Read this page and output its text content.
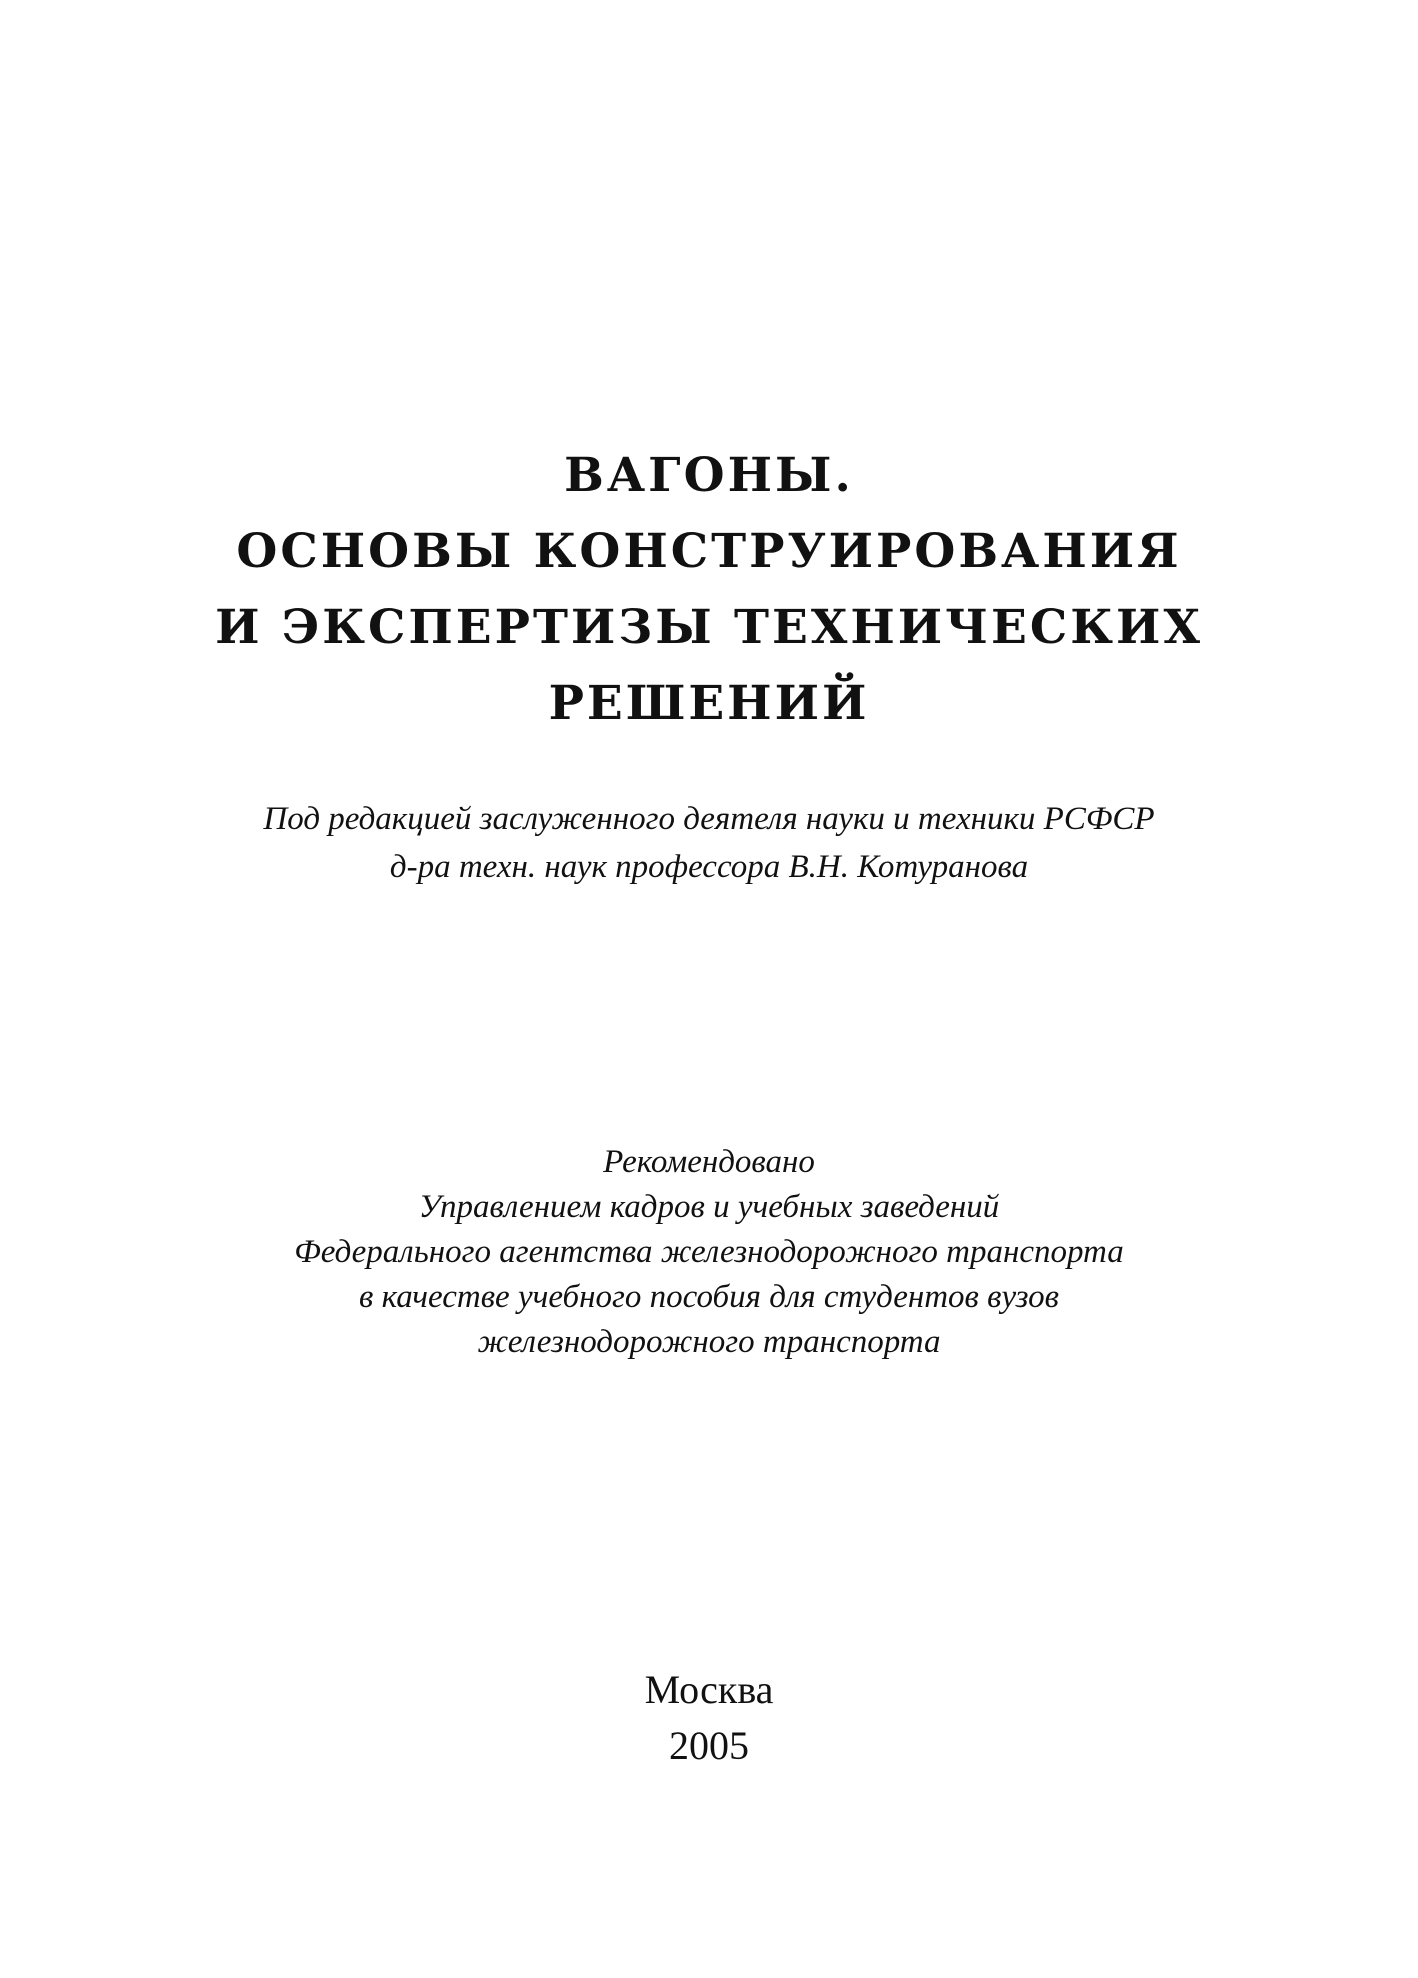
ВАГОНЫ.
ОСНОВЫ КОНСТРУИРОВАНИЯ
И ЭКСПЕРТИЗЫ ТЕХНИЧЕСКИХ
РЕШЕНИЙ
Под редакцией заслуженного деятеля науки и техники РСФСР
д-ра техн. наук профессора В.Н. Котуранова
Рекомендовано
Управлением кадров и учебных заведений
Федерального агентства железнодорожного транспорта
в качестве учебного пособия для студентов вузов
железнодорожного транспорта
Москва
2005
